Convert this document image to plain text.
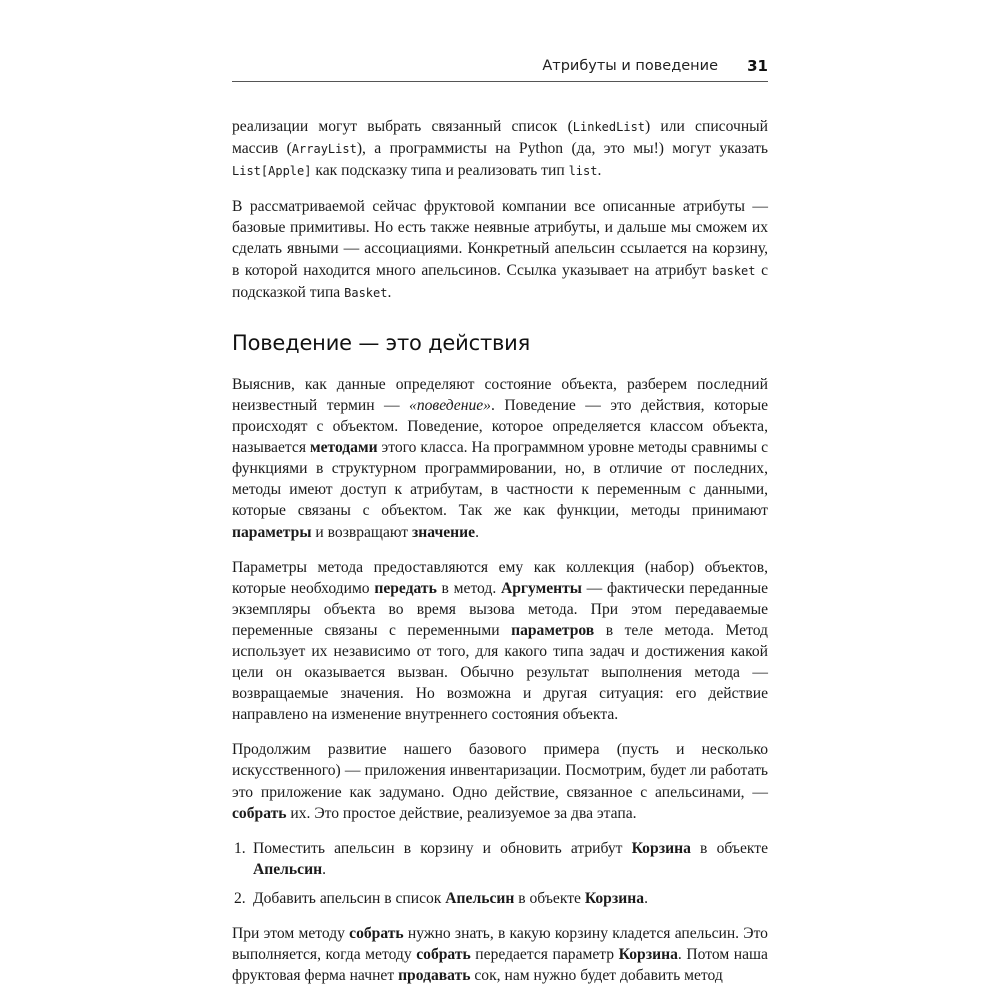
Атрибуты и поведение 31

реализации могут выбрать связанный список (LinkedList) или списочный массив (ArrayList), а программисты на Python (да, это мы!) могут указать List[Apple] как подсказку типа и реализовать тип list.

В рассматриваемой сейчас фруктовой компании все описанные атрибуты — базовые примитивы. Но есть также неявные атрибуты, и дальше мы сможем их сделать явными — ассоциациями. Конкретный апельсин ссылается на корзину, в которой находится много апельсинов. Ссылка указывает на атрибут basket с подсказкой типа Basket.

Поведение — это действия

Выяснив, как данные определяют состояние объекта, разберем последний неизвестный термин — «поведение». Поведение — это действия, которые происходят с объектом. Поведение, которое определяется классом объекта, называется методами этого класса. На программном уровне методы сравнимы с функциями в структурном программировании, но, в отличие от последних, методы имеют доступ к атрибутам, в частности к переменным с данными, которые связаны с объектом. Так же как функции, методы принимают параметры и возвращают значение.

Параметры метода предоставляются ему как коллекция (набор) объектов, которые необходимо передать в метод. Аргументы — фактически переданные экземпляры объекта во время вызова метода. При этом передаваемые переменные связаны с переменными параметров в теле метода. Метод использует их независимо от того, для какого типа задач и достижения какой цели он оказывается вызван. Обычно результат выполнения метода — возвращаемые значения. Но возможна и другая ситуация: его действие направлено на изменение внутреннего состояния объекта.

Продолжим развитие нашего базового примера (пусть и несколько искусственного) — приложения инвентаризации. Посмотрим, будет ли работать это приложение как задумано. Одно действие, связанное с апельсинами, — собрать их. Это простое действие, реализуемое за два этапа.

1. Поместить апельсин в корзину и обновить атрибут Корзина в объекте Апельсин.
2. Добавить апельсин в список Апельсин в объекте Корзина.

При этом методу собрать нужно знать, в какую корзину кладется апельсин. Это выполняется, когда методу собрать передается параметр Корзина. Потом наша фруктовая ферма начнет продавать сок, нам нужно будет добавить метод
